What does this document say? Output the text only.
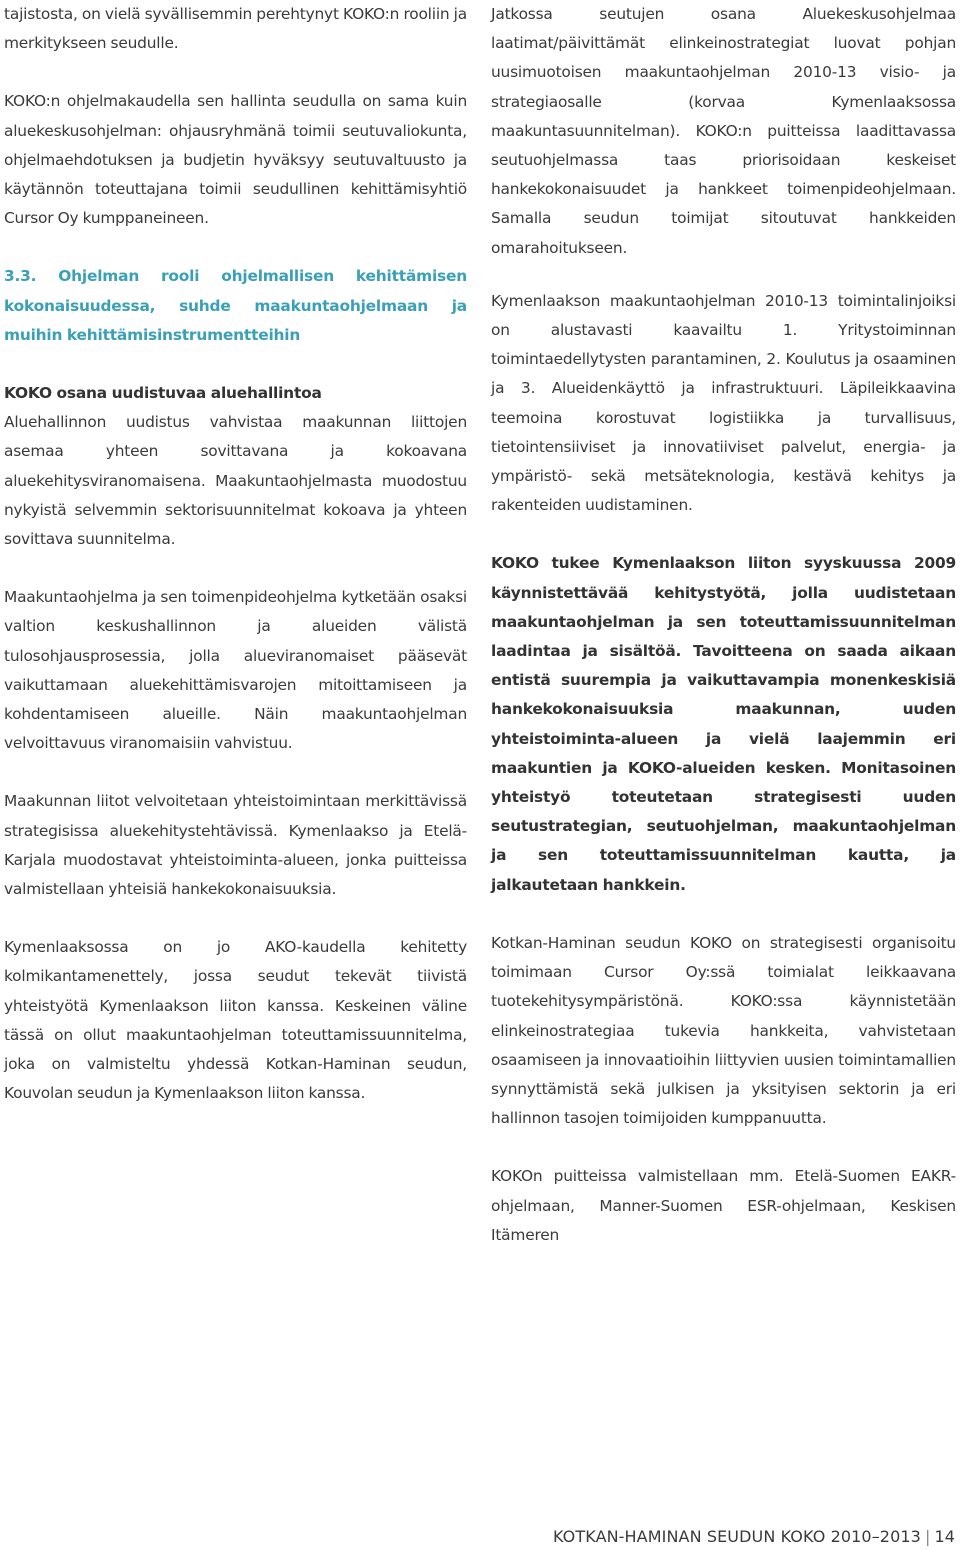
tajistosta, on vielä syvällisemmin perehtynyt KOKO:n rooliin ja merkitykseen seudulle.

KOKO:n ohjelmakaudella sen hallinta seudulla on sama kuin aluekeskusohjelman: ohjausryhmänä toimii seutuvaliokunta, ohjelmaehdotuksen ja budjetin hyväksyy seutuvaltuusto ja käytännön toteuttajana toimii seudullinen kehittämisyhtiö Cursor Oy kumppaneineen.

3.3. Ohjelman rooli ohjelmallisen kehittämisen kokonaisuudessa, suhde maakuntaohjelmaan ja muihin kehittämisinstrumentteihin

KOKO osana uudistuvaa aluehallintoa

Aluehallinnon uudistus vahvistaa maakunnan liittojen asemaa yhteen sovittavana ja kokoavana aluekehitysviranomaisena. Maakuntaohjelmasta muodostuu nykyistä selvemmin sektorisuunnitelmat kokoava ja yhteen sovittava suunnitelma.

Maakuntaohjelma ja sen toimenpideohjelma kytketään osaksi valtion keskushallinnon ja alueiden välistä tulosohjausprosessia, jolla alueviranomaiset pääsevät vaikuttamaan aluekehittämisvarojen mitoittamiseen ja kohdentamiseen alueille. Näin maakuntaohjelman velvoittavuus viranomaisiin vahvistuu.

Maakunnan liitot velvoitetaan yhteistoimintaan merkittävissä strategisissa aluekehitystehtävissä. Kymenlaakso ja Etelä-Karjala muodostavat yhteistoiminta-alueen, jonka puitteissa valmistellaan yhteisiä hankekokonaisuuksia.

Kymenlaaksossa on jo AKO-kaudella kehitetty kolmikantamenettely, jossa seudut tekevät tiivistä yhteistyötä Kymenlaakson liiton kanssa. Keskeinen väline tässä on ollut maakuntaohjelman toteuttamissuunnitelma, joka on valmisteltu yhdessä Kotkan-Haminan seudun, Kouvolan seudun ja Kymenlaakson liiton kanssa.

Jatkossa seutujen osana Aluekeskusohjelmaa laatimat/päivittämät elinkeinostrategiat luovat pohjan uusimuotoisen maakuntaohjelman 2010-13 visio- ja strategiaosalle (korvaa Kymenlaaksossa maakuntasuunnitelman). KOKO:n puitteissa laadittavassa seutuohjelmassa taas priorisoidaan keskeiset hankekokonaisuudet ja hankkeet toimenpideohjelmaan. Samalla seudun toimijat sitoutuvat hankkeiden omarahoitukseen.

Kymenlaakson maakuntaohjelman 2010-13 toimintalinjoiksi on alustavasti kaavailtu 1. Yritystoiminnan toimintaedellytysten parantaminen, 2. Koulutus ja osaaminen ja 3. Alueidenkäyttö ja infrastruktuuri. Läpileikkaavina teemoina korostuvat logistiikka ja turvallisuus, tietointensiiviset ja innovatiiviset palvelut, energia- ja ympäristö- sekä metsäteknologia, kestävä kehitys ja rakenteiden uudistaminen.

KOKO tukee Kymenlaakson liiton syyskuussa 2009 käynnistettävää kehitystyötä, jolla uudistetaan maakuntaohjelman ja sen toteuttamissuunnitelman laadintaa ja sisältöä. Tavoitteena on saada aikaan entistä suurempia ja vaikuttavampia monenkeskisiä hankekokonaisuuksia maakunnan, uuden yhteistoiminta-alueen ja vielä laajemmin eri maakuntien ja KOKO-alueiden kesken. Monitasoinen yhteistyö toteutetaan strategisesti uuden seutustrategian, seutuohjelman, maakuntaohjelman ja sen toteuttamissuunnitelman kautta, ja jalkautetaan hankkein.

Kotkan-Haminan seudun KOKO on strategisesti organisoitu toimimaan Cursor Oy:ssä toimialat leikkaavana tuotekehitysympäristönä. KOKO:ssa käynnistetään elinkeinostrategiaa tukevia hankkeita, vahvistetaan osaamiseen ja innovaatioihin liittyvien uusien toimintamallien synnyttämistä sekä julkisen ja yksityisen sektorin ja eri hallinnon tasojen toimijoiden kumppanuutta.

KOKOn puitteissa valmistellaan mm. Etelä-Suomen EAKR-ohjelmaan, Manner-Suomen ESR-ohjelmaan, Keskisen Itämeren

KOTKAN-HAMINAN SEUDUN KOKO 2010–2013 | 14
